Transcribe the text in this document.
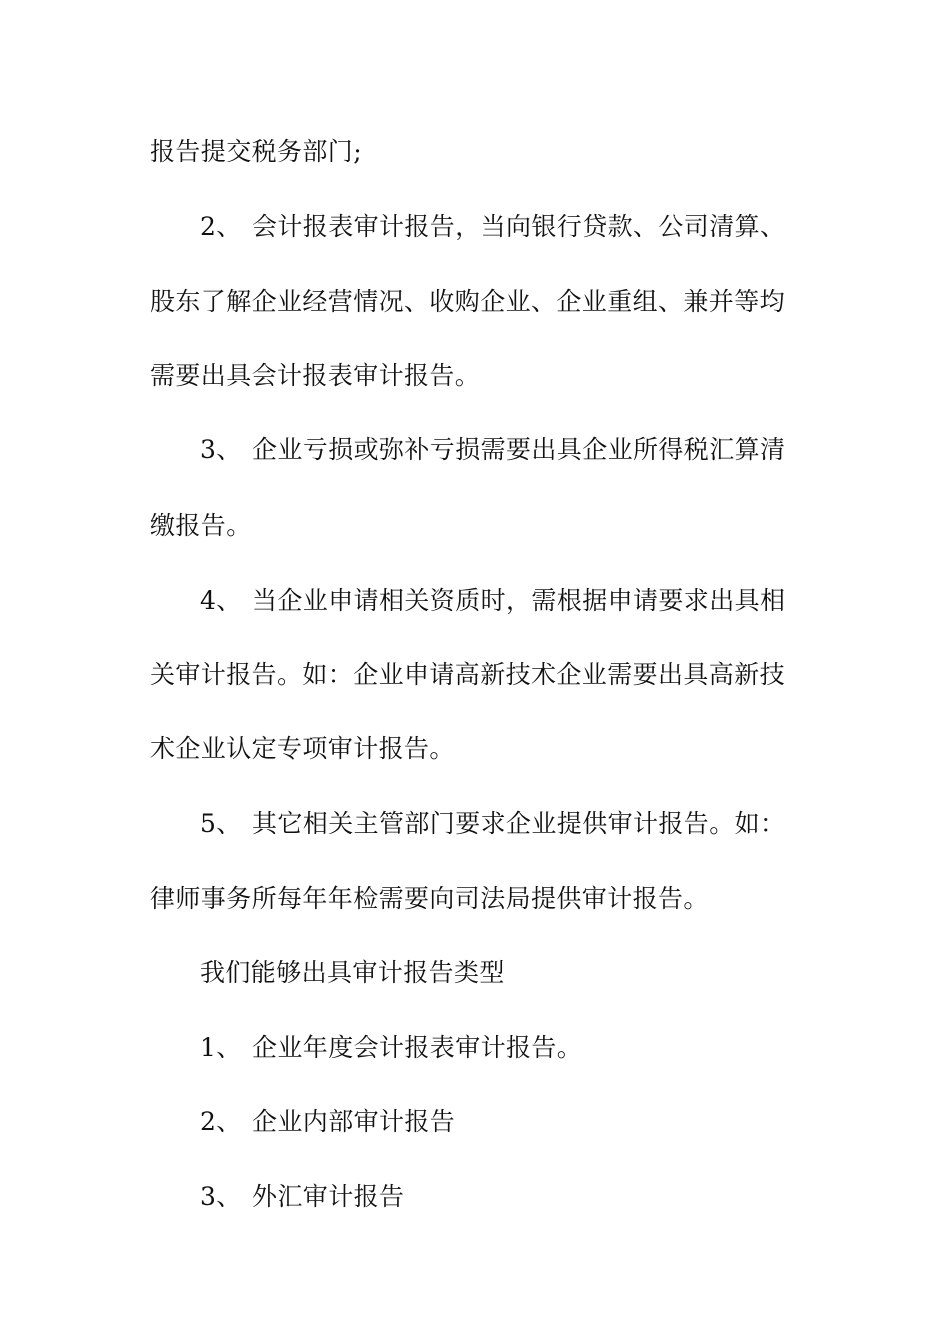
报告提交税务部门;
2、 会计报表审计报告，当向银行贷款、公司清算、
股东了解企业经营情况、收购企业、企业重组、兼并等均
需要出具会计报表审计报告。
3、 企业亏损或弥补亏损需要出具企业所得税汇算清
缴报告。
4、 当企业申请相关资质时，需根据申请要求出具相
关审计报告。如：企业申请高新技术企业需要出具高新技
术企业认定专项审计报告。
5、 其它相关主管部门要求企业提供审计报告。如：
律师事务所每年年检需要向司法局提供审计报告。
我们能够出具审计报告类型
1、 企业年度会计报表审计报告。
2、 企业内部审计报告
3、 外汇审计报告
